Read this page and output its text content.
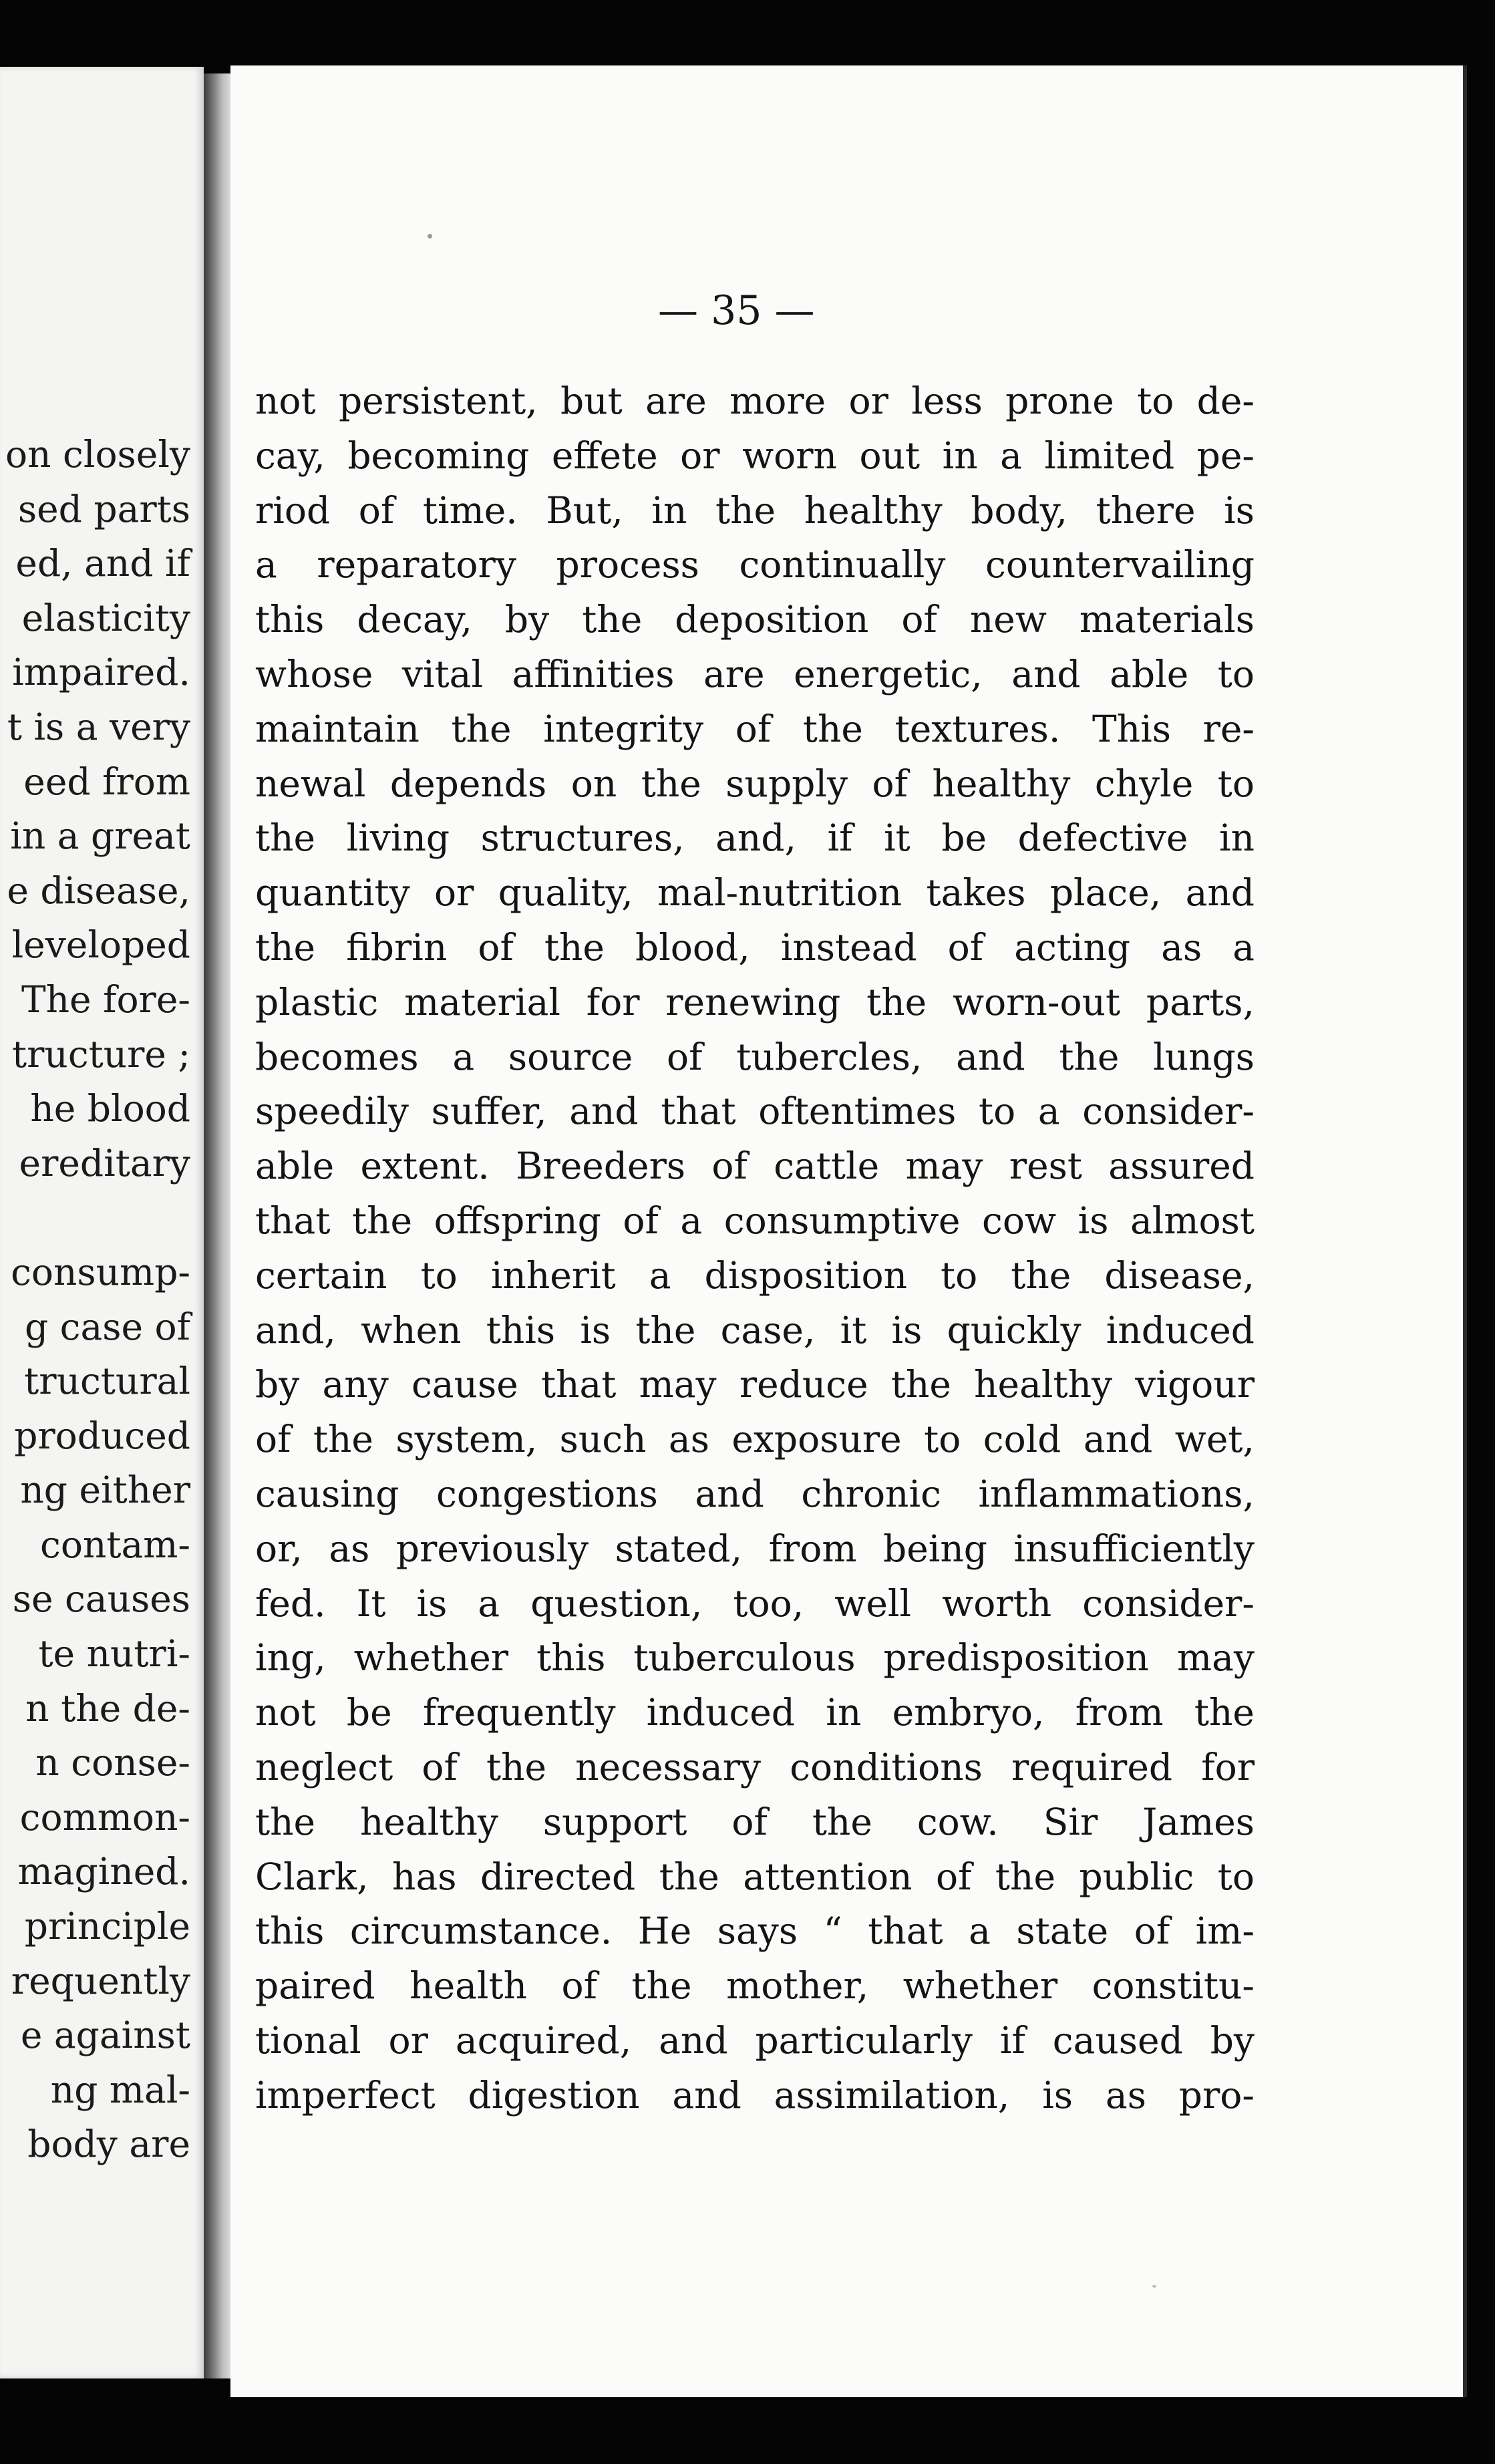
on closely
sed parts
ed, and if
elasticity
impaired.
t is a very
eed from
in a great
e disease,
leveloped
The fore-
tructure ;
he blood
ereditary
consump-
g case of
tructural
produced
ng either
contam-
se causes
te nutri-
n the de-
n conse-
common-
magined.
principle
requently
e against
ng mal-
body are
— 35 —
not persistent, but are more or less prone to de-
cay, becoming effete or worn out in a limited pe-
riod of time. But, in the healthy body, there is
a reparatory process continually countervailing
this decay, by the deposition of new materials
whose vital affinities are energetic, and able to
maintain the integrity of the textures. This re-
newal depends on the supply of healthy chyle to
the living structures, and, if it be defective in
quantity or quality, mal-nutrition takes place, and
the fibrin of the blood, instead of acting as a
plastic material for renewing the worn-out parts,
becomes a source of tubercles, and the lungs
speedily suffer, and that oftentimes to a consider-
able extent. Breeders of cattle may rest assured
that the offspring of a consumptive cow is almost
certain to inherit a disposition to the disease,
and, when this is the case, it is quickly induced
by any cause that may reduce the healthy vigour
of the system, such as exposure to cold and wet,
causing congestions and chronic inflammations,
or, as previously stated, from being insufficiently
fed. It is a question, too, well worth consider-
ing, whether this tuberculous predisposition may
not be frequently induced in embryo, from the
neglect of the necessary conditions required for
the healthy support of the cow. Sir James
Clark, has directed the attention of the public to
this circumstance. He says “ that a state of im-
paired health of the mother, whether constitu-
tional or acquired, and particularly if caused by
imperfect digestion and assimilation, is as pro-
